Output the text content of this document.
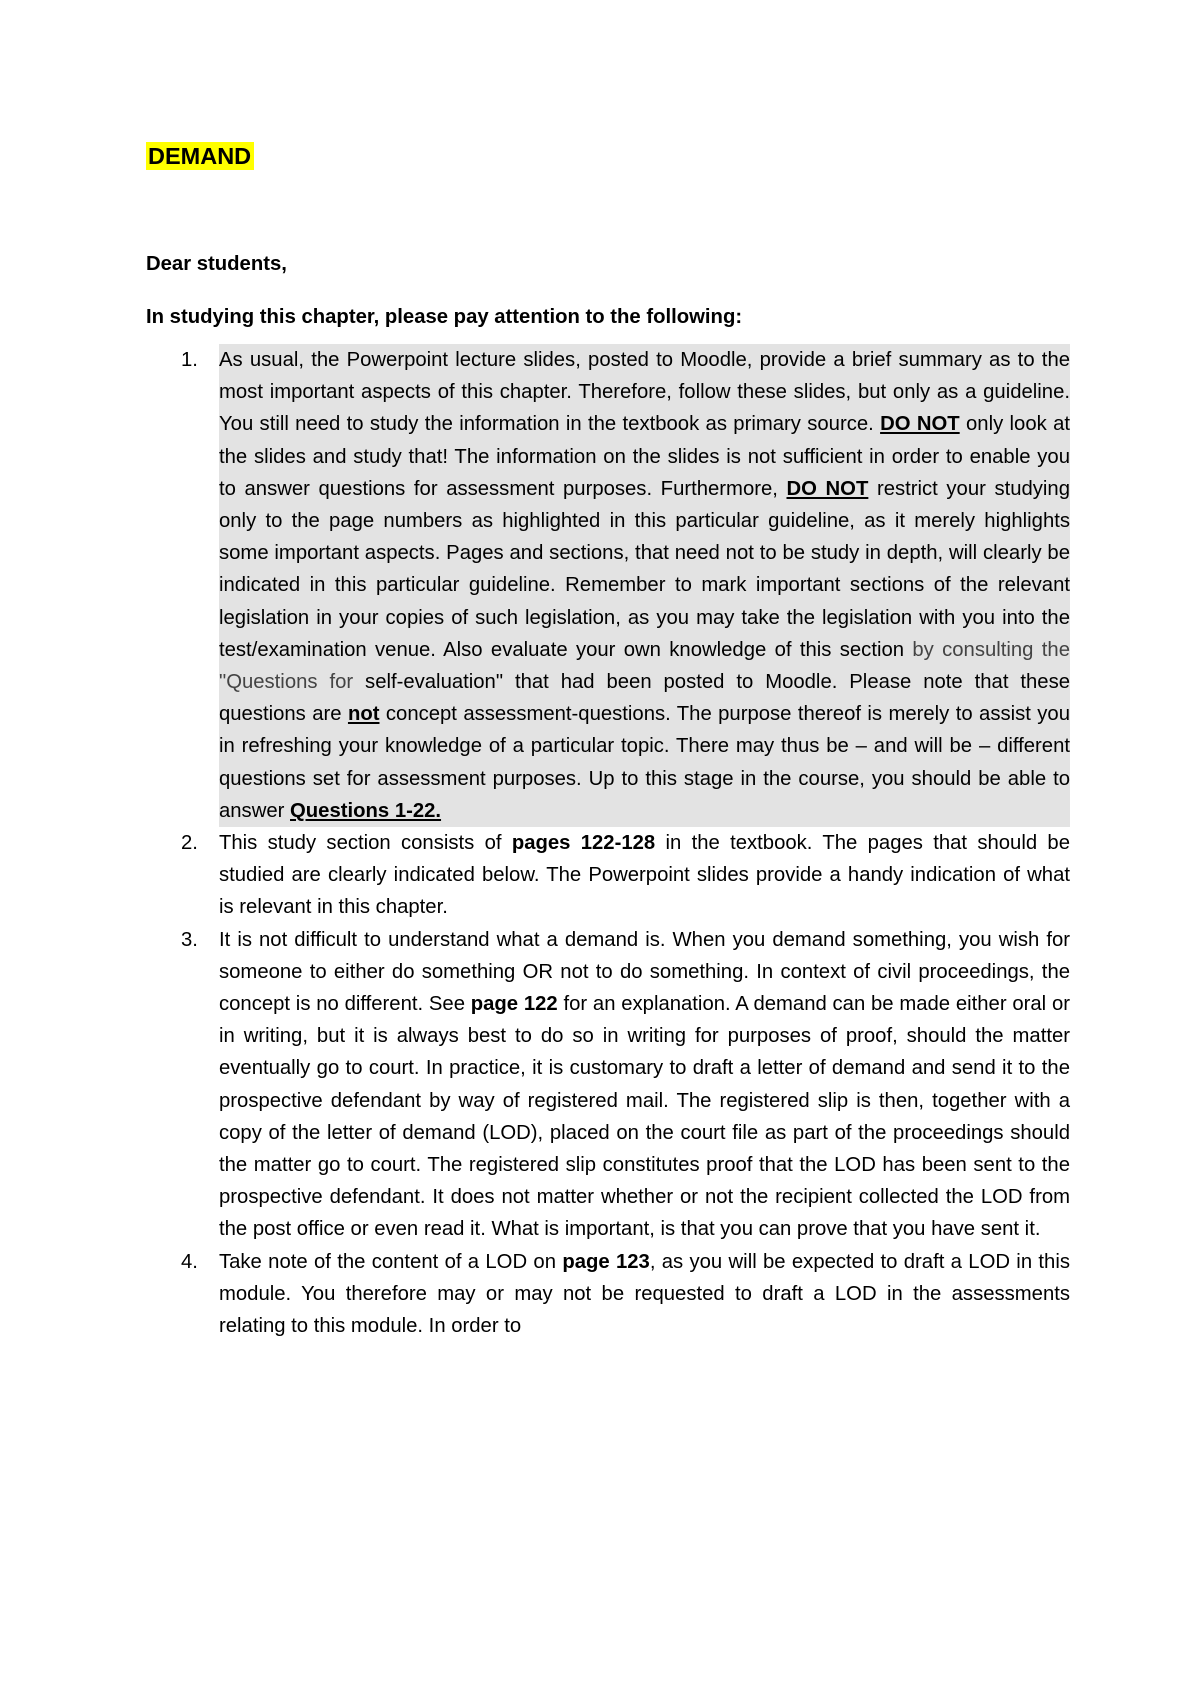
DEMAND

Dear students,

In studying this chapter, please pay attention to the following:

1. As usual, the Powerpoint lecture slides, posted to Moodle, provide a brief summary as to the most important aspects of this chapter. Therefore, follow these slides, but only as a guideline. You still need to study the information in the textbook as primary source. DO NOT only look at the slides and study that! The information on the slides is not sufficient in order to enable you to answer questions for assessment purposes. Furthermore, DO NOT restrict your studying only to the page numbers as highlighted in this particular guideline, as it merely highlights some important aspects. Pages and sections, that need not to be study in depth, will clearly be indicated in this particular guideline. Remember to mark important sections of the relevant legislation in your copies of such legislation, as you may take the legislation with you into the test/examination venue. Also evaluate your own knowledge of this section by consulting the "Questions for self-evaluation" that had been posted to Moodle. Please note that these questions are not concept assessment-questions. The purpose thereof is merely to assist you in refreshing your knowledge of a particular topic. There may thus be – and will be – different questions set for assessment purposes. Up to this stage in the course, you should be able to answer Questions 1-22.
2. This study section consists of pages 122-128 in the textbook. The pages that should be studied are clearly indicated below. The Powerpoint slides provide a handy indication of what is relevant in this chapter.
3. It is not difficult to understand what a demand is. When you demand something, you wish for someone to either do something OR not to do something. In context of civil proceedings, the concept is no different. See page 122 for an explanation. A demand can be made either oral or in writing, but it is always best to do so in writing for purposes of proof, should the matter eventually go to court. In practice, it is customary to draft a letter of demand and send it to the prospective defendant by way of registered mail. The registered slip is then, together with a copy of the letter of demand (LOD), placed on the court file as part of the proceedings should the matter go to court. The registered slip constitutes proof that the LOD has been sent to the prospective defendant. It does not matter whether or not the recipient collected the LOD from the post office or even read it. What is important, is that you can prove that you have sent it.
4. Take note of the content of a LOD on page 123, as you will be expected to draft a LOD in this module. You therefore may or may not be requested to draft a LOD in the assessments relating to this module. In order to
